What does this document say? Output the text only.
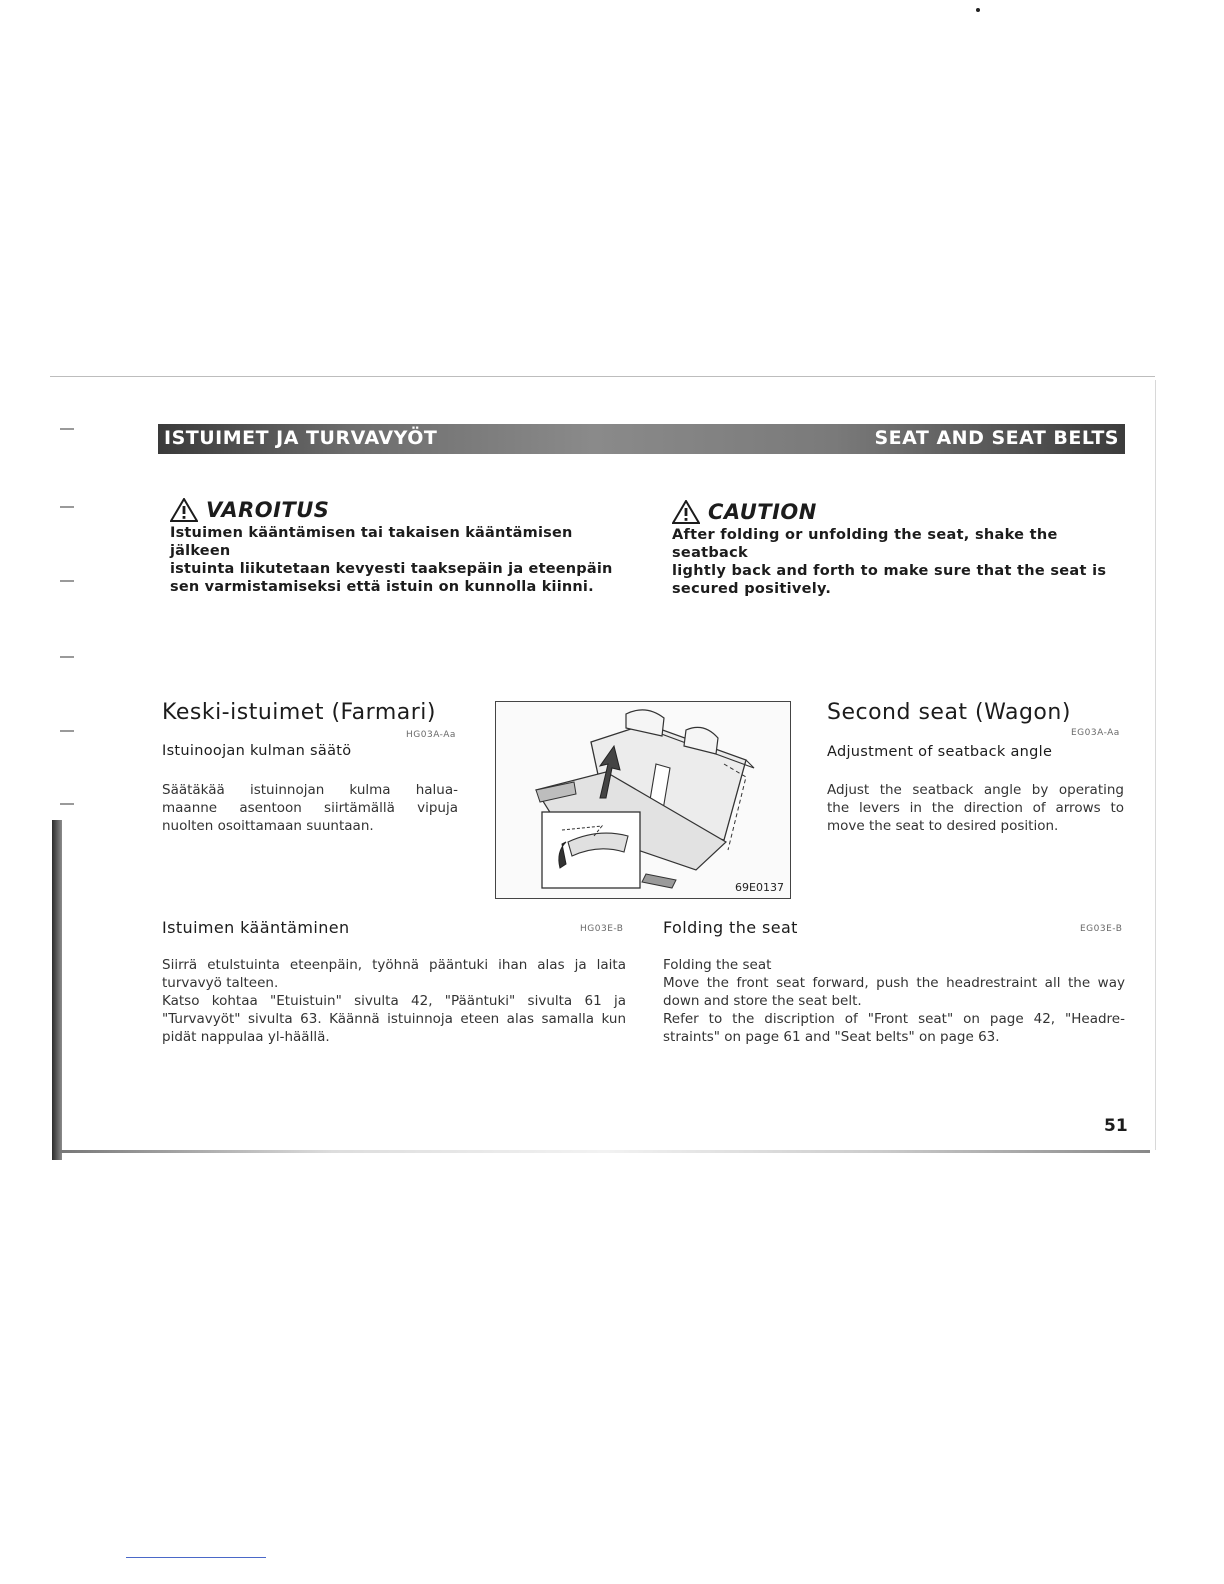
ISTUIMET JA TURVAVYÖT	SEAT AND SEAT BELTS
VAROITUS
Istuimen kääntämisen tai takaisen kääntämisen jälkeen
istuinta liikutetaan kevyesti taaksepäin ja eteenpäin
sen varmistamiseksi että istuin on kunnolla kiinni.
CAUTION
After folding or unfolding the seat, shake the seatback
lightly back and forth to make sure that the seat is
secured positively.
Keski-istuimet (Farmari)
HG03A-Aa
Istuinoojan kulman säätö
Säätäkää istuinnojan kulma halua-
maanne asentoon siirtämällä vipuja
nuolten osoittamaan suuntaan.
69E0137
Second seat (Wagon)
EG03A-Aa
Adjustment of seatback angle
Adjust the seatback angle by operating
the levers in the direction of arrows to
move the seat to desired position.
Istuimen kääntäminen	HG03E-B

Siirrä etulstuinta eteenpäin, työhnä pääntuki ihan alas ja laita turvavyö talteen.

Katso kohtaa "Etuistuin" sivulta 42, "Pääntuki" sivulta 61 ja "Turvavyöt" sivulta 63. Käännä istuinnoja eteen alas samalla kun pidät nappulaa yl-häällä.

Folding the seat	EG03E-B

Folding the seat

Move the front seat forward, push the headrestraint all the way down and store the seat belt.

Refer to the discription of "Front seat" on page 42, "Headre-straints" on page 61 and "Seat belts" on page 63.

51
